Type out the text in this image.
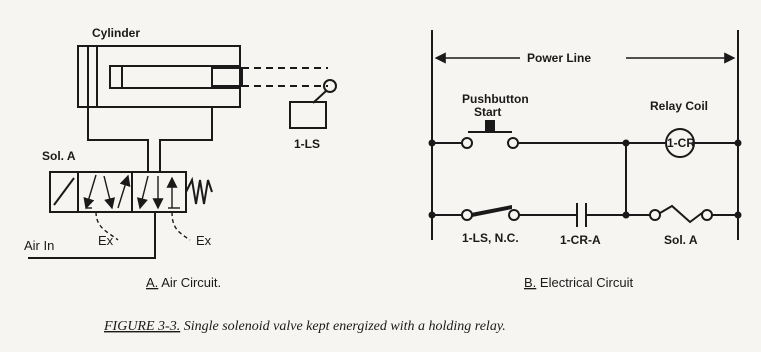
Cylinder
1-LS
Sol. A
Air In	Ex	Ex
A. Air Circuit.
Power Line
Pushbutton
Start	Relay Coil
1-CR
1-LS, N.C.	1-CR-A	Sol. A
B. Electrical Circuit
FIGURE 3-3. Single solenoid valve kept energized with a holding relay.
